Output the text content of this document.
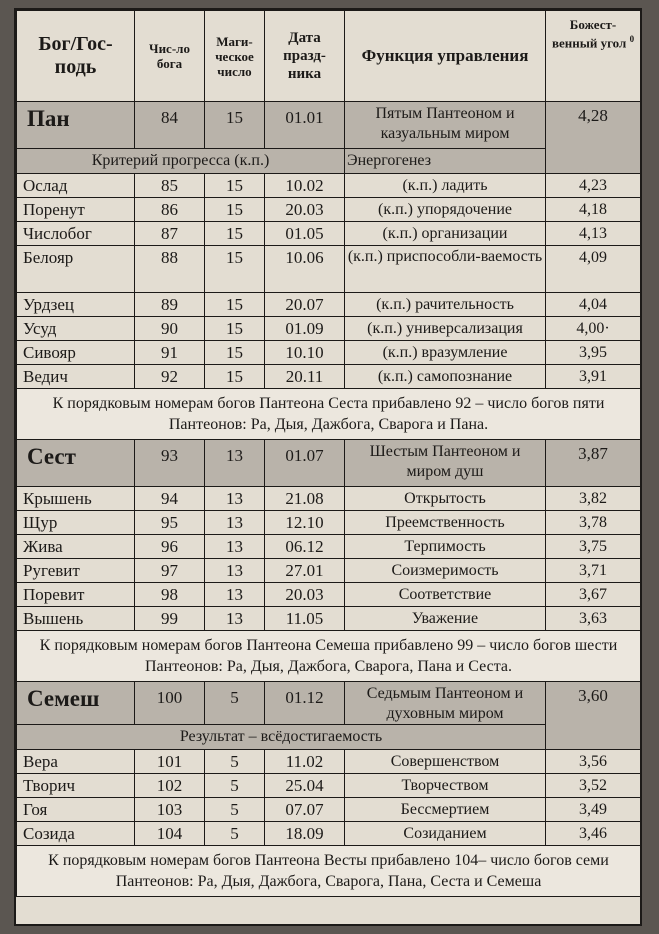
Бог/Гос-
подь	Чис-ло бога	Маги-ческое число	Дата празд-ника	Функция управления	Божест-венный угол $^0$
Пан	84	15	01.01	Пятым Пантеоном и казуальным миром	4,28
Критерий прогресса (к.п.)				Энергогенез	
Ослад	85	15	10.02	(к.п.) ладить	4,23
Поренут	86	15	20.03	(к.п.) упорядочение	4,18
Числобог	87	15	01.05	(к.п.) организации	4,13
Белояр	88	15	10.06	(к.п.) приспособли-ваемость	4,09
Урдзец	89	15	20.07	(к.п.) рачительность	4,04
Усуд	90	15	01.09	(к.п.) универсализация	4,00·
Сивояр	91	15	10.10	(к.п.) вразумление	3,95
Ведич	92	15	20.11	(к.п.) самопознание	3,91
К порядковым номерам богов Пантеона Сеста прибавлено 92 – число богов пяти Пантеонов: Ра, Дыя, Дажбога, Сварога и Пана.					
Сест	93	13	01.07	Шестым Пантеоном и миром душ	3,87
Крышень	94	13	21.08	Открытость	3,82
Щур	95	13	12.10	Преемственность	3,78
Жива	96	13	06.12	Терпимость	3,75
Ругевит	97	13	27.01	Соизмеримость	3,71
Поревит	98	13	20.03	Соответствие	3,67
Вышень	99	13	11.05	Уважение	3,63
К порядковым номерам богов Пантеона Семеша прибавлено 99 – число богов шести Пантеонов: Ра, Дыя, Дажбога, Сварога, Пана и Сеста.					
Семеш	100	5	01.12	Седьмым Пантеоном и духовным миром	3,60
Результат – всёдостигаемость					
Вера	101	5	11.02	Совершенством	3,56
Творич	102	5	25.04	Творчеством	3,52
Гоя	103	5	07.07	Бессмертием	3,49
Созида	104	5	18.09	Созиданием	3,46
К порядковым номерам богов Пантеона Весты прибавлено 104– число богов семи Пантеонов: Ра, Дыя, Дажбога, Сварога, Пана, Сеста и Семеша					
